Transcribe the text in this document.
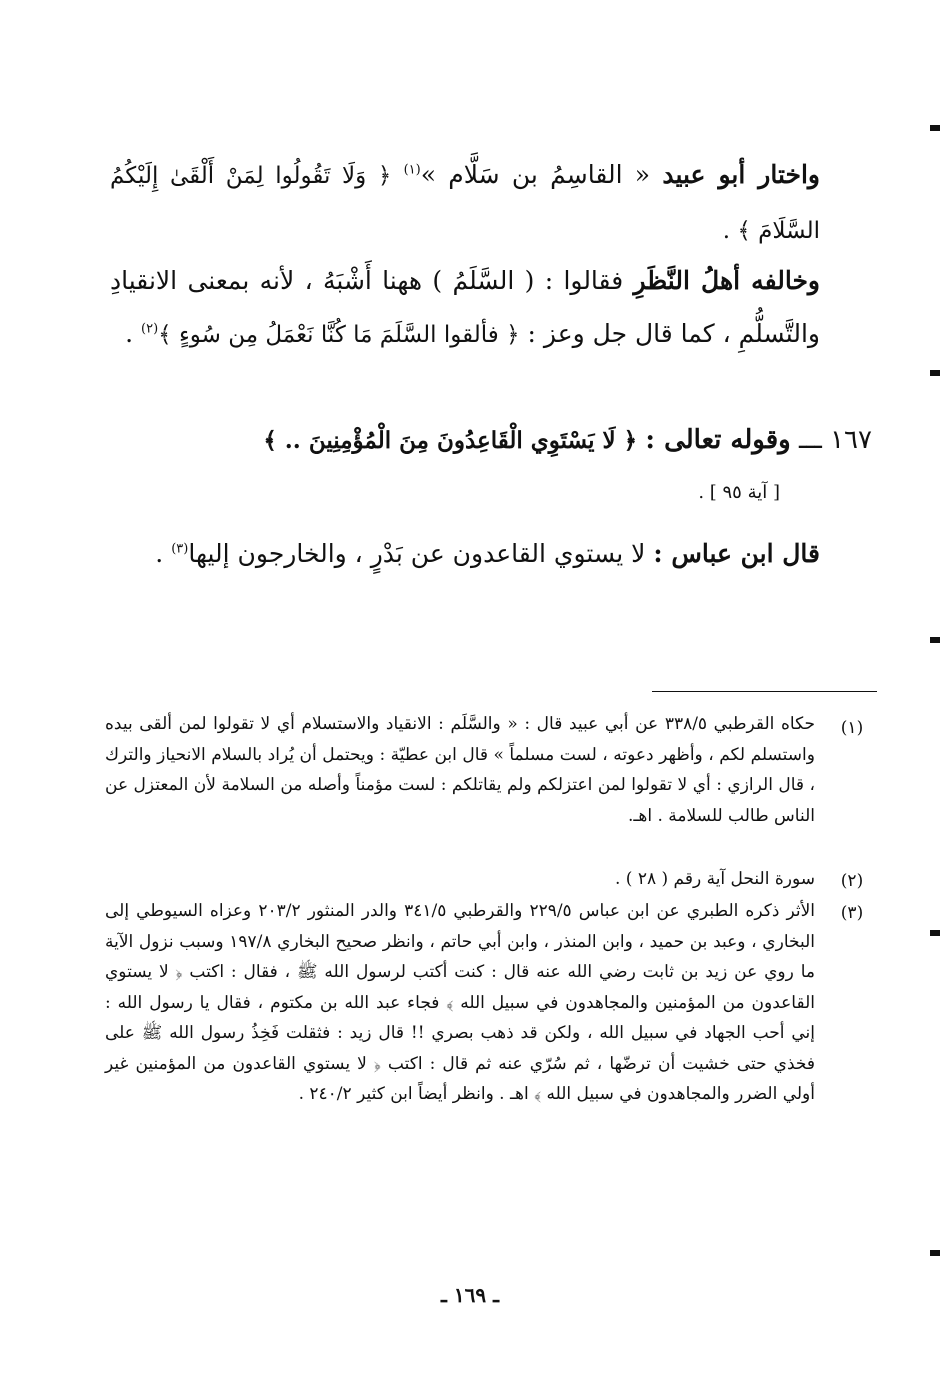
واختار أبو عبيد « القاسِمُ بن سَلَّام »$^{(١)}$ ﴿ وَلَا تَقُولُوا لِمَنْ أَلْقَىٰ إِلَيْكُمُ السَّلَامَ ﴾ .
وخالفه أهلُ النَّظَرِ فقالوا : ( السَّلَمُ ) ههنا أَشْبَهُ ، لأنه بمعنى الانقيادِ والتَّسلُّمِ ، كما قال جل وعز : ﴿ فألقوا السَّلَمَ مَا كُنَّا نَعْمَلُ مِن سُوءٍ ﴾$^{(٢)}$ .
١٦٧ ـــ وقوله تعالى : ﴿ لَا يَسْتَوِي الْقَاعِدُونَ مِنَ الْمُؤْمِنِينَ .. ﴾
[ آية ٩٥ ] .
قال ابن عباس : لا يستوي القاعدون عن بَدْرٍ ، والخارجون إليها$^{(٣)}$ .
(١)
حكاه القرطبي ٣٣٨/٥ عن أبي عبيد قال : « والسَّلَم : الانقياد والاستسلام أي لا تقولوا لمن ألقى بيده واستسلم لكم ، وأظهر دعوته ، لست مسلماً » قال ابن عطيّة : ويحتمل أن يُراد بالسلام الانحياز والترك ، قال الرازي : أي لا تقولوا لمن اعتزلكم ولم يقاتلكم : لست مؤمناً وأصله من السلامة لأن المعتزل عن الناس طالب للسلامة . اهـ.
(٢)
سورة النحل آية رقم ( ٢٨ ) .
(٣)
الأثر ذكره الطبري عن ابن عباس ٢٢٩/٥ والقرطبي ٣٤١/٥ والدر المنثور ٢٠٣/٢ وعزاه السيوطي إلى البخاري ، وعبد بن حميد ، وابن المنذر ، وابن أبي حاتم ، وانظر صحيح البخاري ١٩٧/٨ وسبب نزول الآية ما روي عن زيد بن ثابت رضي الله عنه قال : كنت أكتب لرسول الله ﷺ ، فقال : اكتب ﴿ لا يستوي القاعدون من المؤمنين والمجاهدون في سبيل الله ﴾ فجاء عبد الله بن مكتوم ، فقال يا رسول الله : إني أحب الجهاد في سبيل الله ، ولكن قد ذهب بصري !! قال زيد : فثقلت فَخِذُ رسول الله ﷺ على فخذي حتى خشيت أن ترضّها ، ثم سُرّي عنه ثم قال : اكتب ﴿ لا يستوي القاعدون من المؤمنين غير أولي الضرر والمجاهدون في سبيل الله ﴾ اهـ . وانظر أيضاً ابن كثير ٢٤٠/٢ .
ـ ١٦٩ ـ
